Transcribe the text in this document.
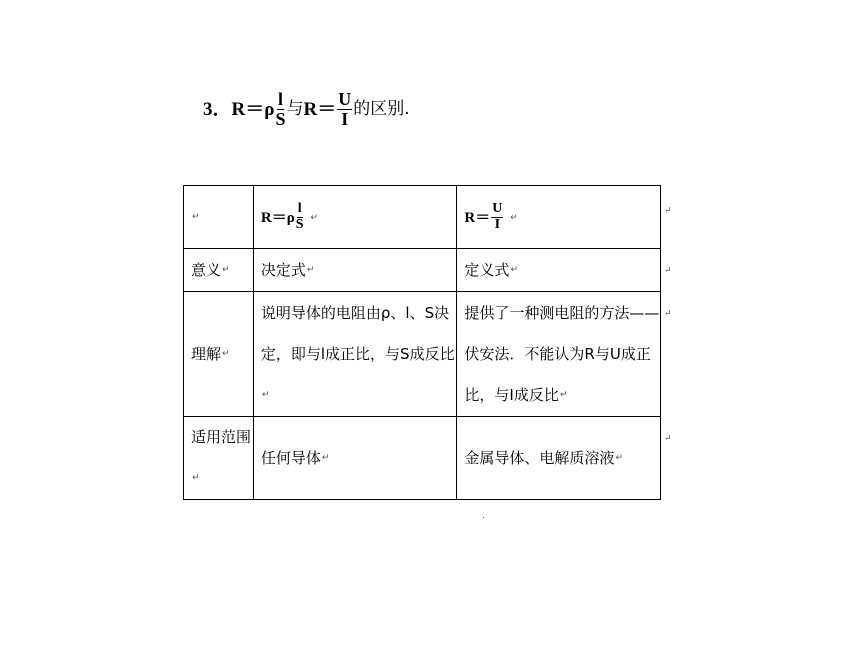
3． R ＝ ρ $\frac{l}{S}$ 与 $R = \frac{U}{I}$ 的区别.
↵	$R=\rho \frac{l}{S}$ ↵	$R= \frac{U}{I}$ ↵
意义↵	决定式↵	定义式↵
理解↵	说明导体的电阻由ρ、l、S决定，即与l成正比，与S成反比↵	提供了一种测电阻的方法——伏安法．不能认为R与U成正比，与I成反比↵
适用范围↵	任何导体↵	金属导体、电解质溶液↵
↵
↵
↵
↵
